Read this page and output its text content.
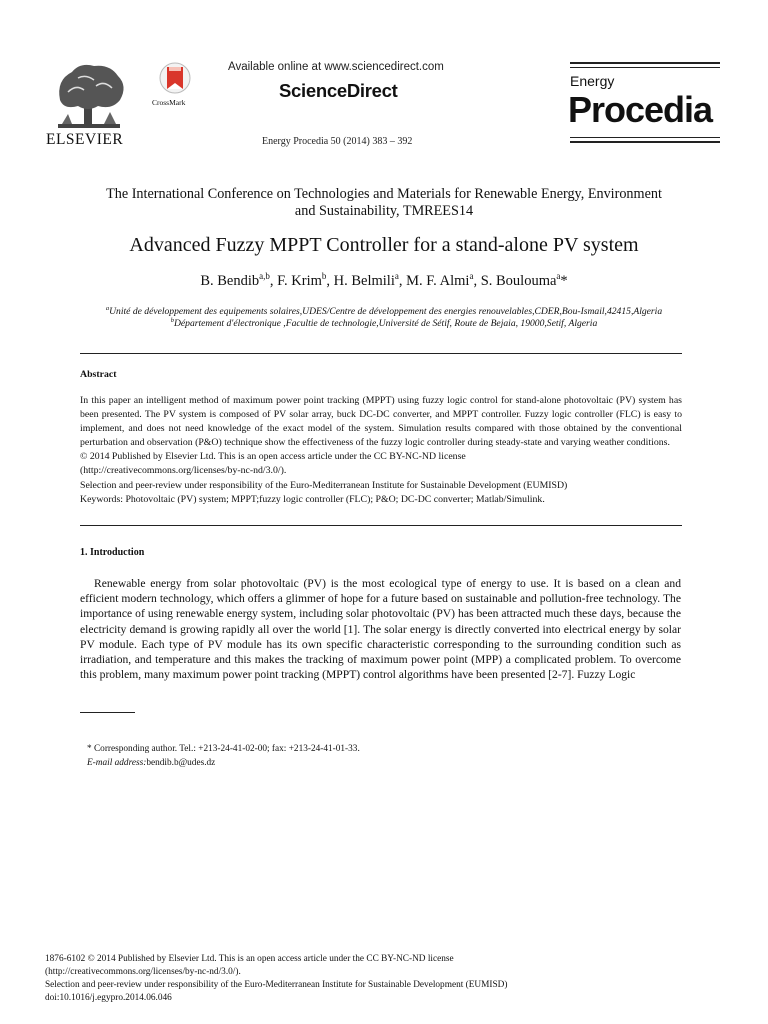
ELSEVIER
CrossMark
Available online at www.sciencedirect.com
ScienceDirect
Energy Procedia 50 (2014) 383 – 392
Energy
Procedia
The International Conference on Technologies and Materials for Renewable Energy, Environment
and Sustainability, TMREES14
Advanced Fuzzy MPPT Controller for a stand-alone PV system
B. Bendib$^{a,b}$, F. Krim$^b$, H. Belmili$^a$, M. F. Almi$^a$, S. Boulouma$^a$*
$^a$Unité de développement des equipements solaires,UDES/Centre de développement des energies renouvelables,CDER,Bou-Ismail,42415,Algeria
$^b$Département d'électronique ,Facultie de technologie,Université de Sétif, Route de Bejaia, 19000,Setif, Algeria
Abstract

In this paper an intelligent method of maximum power point tracking (MPPT) using fuzzy logic control for stand-alone photovoltaic (PV) system has been presented. The PV system is composed of PV solar array, buck DC-DC converter, and MPPT controller. Fuzzy logic controller (FLC) is easy to implement, and does not need knowledge of the exact model of the system. Simulation results compared with those obtained by the conventional perturbation and observation (P&O) technique show the effectiveness of the fuzzy logic controller during steady-state and varying weather conditions.

© 2014 Published by Elsevier Ltd. This is an open access article under the CC BY-NC-ND license

(http://creativecommons.org/licenses/by-nc-nd/3.0/).

Selection and peer-review under responsibility of the Euro-Mediterranean Institute for Sustainable Development (EUMISD)

Keywords: Photovoltaic (PV) system; MPPT;fuzzy logic controller (FLC); P&O; DC-DC converter; Matlab/Simulink.

1. Introduction

Renewable energy from solar photovoltaic (PV) is the most ecological type of energy to use. It is based on a clean and efficient modern technology, which offers a glimmer of hope for a future based on sustainable and pollution-free technology. The importance of using renewable energy system, including solar photovoltaic (PV) has been attracted much these days, because the electricity demand is growing rapidly all over the world [1]. The solar energy is directly converted into electrical energy by solar PV module. Each type of PV module has its own specific characteristic corresponding to the surrounding condition such as irradiation, and temperature and this makes the tracking of maximum power point (MPP) a complicated problem. To overcome this problem, many maximum power point tracking (MPPT) control algorithms have been presented [2-7]. Fuzzy Logic

* Corresponding author. Tel.: +213-24-41-02-00; fax: +213-24-41-01-33.
E-mail address:bendib.b@udes.dz
1876-6102 © 2014 Published by Elsevier Ltd. This is an open access article under the CC BY-NC-ND license
(http://creativecommons.org/licenses/by-nc-nd/3.0/).
Selection and peer-review under responsibility of the Euro-Mediterranean Institute for Sustainable Development (EUMISD)
doi:10.1016/j.egypro.2014.06.046
